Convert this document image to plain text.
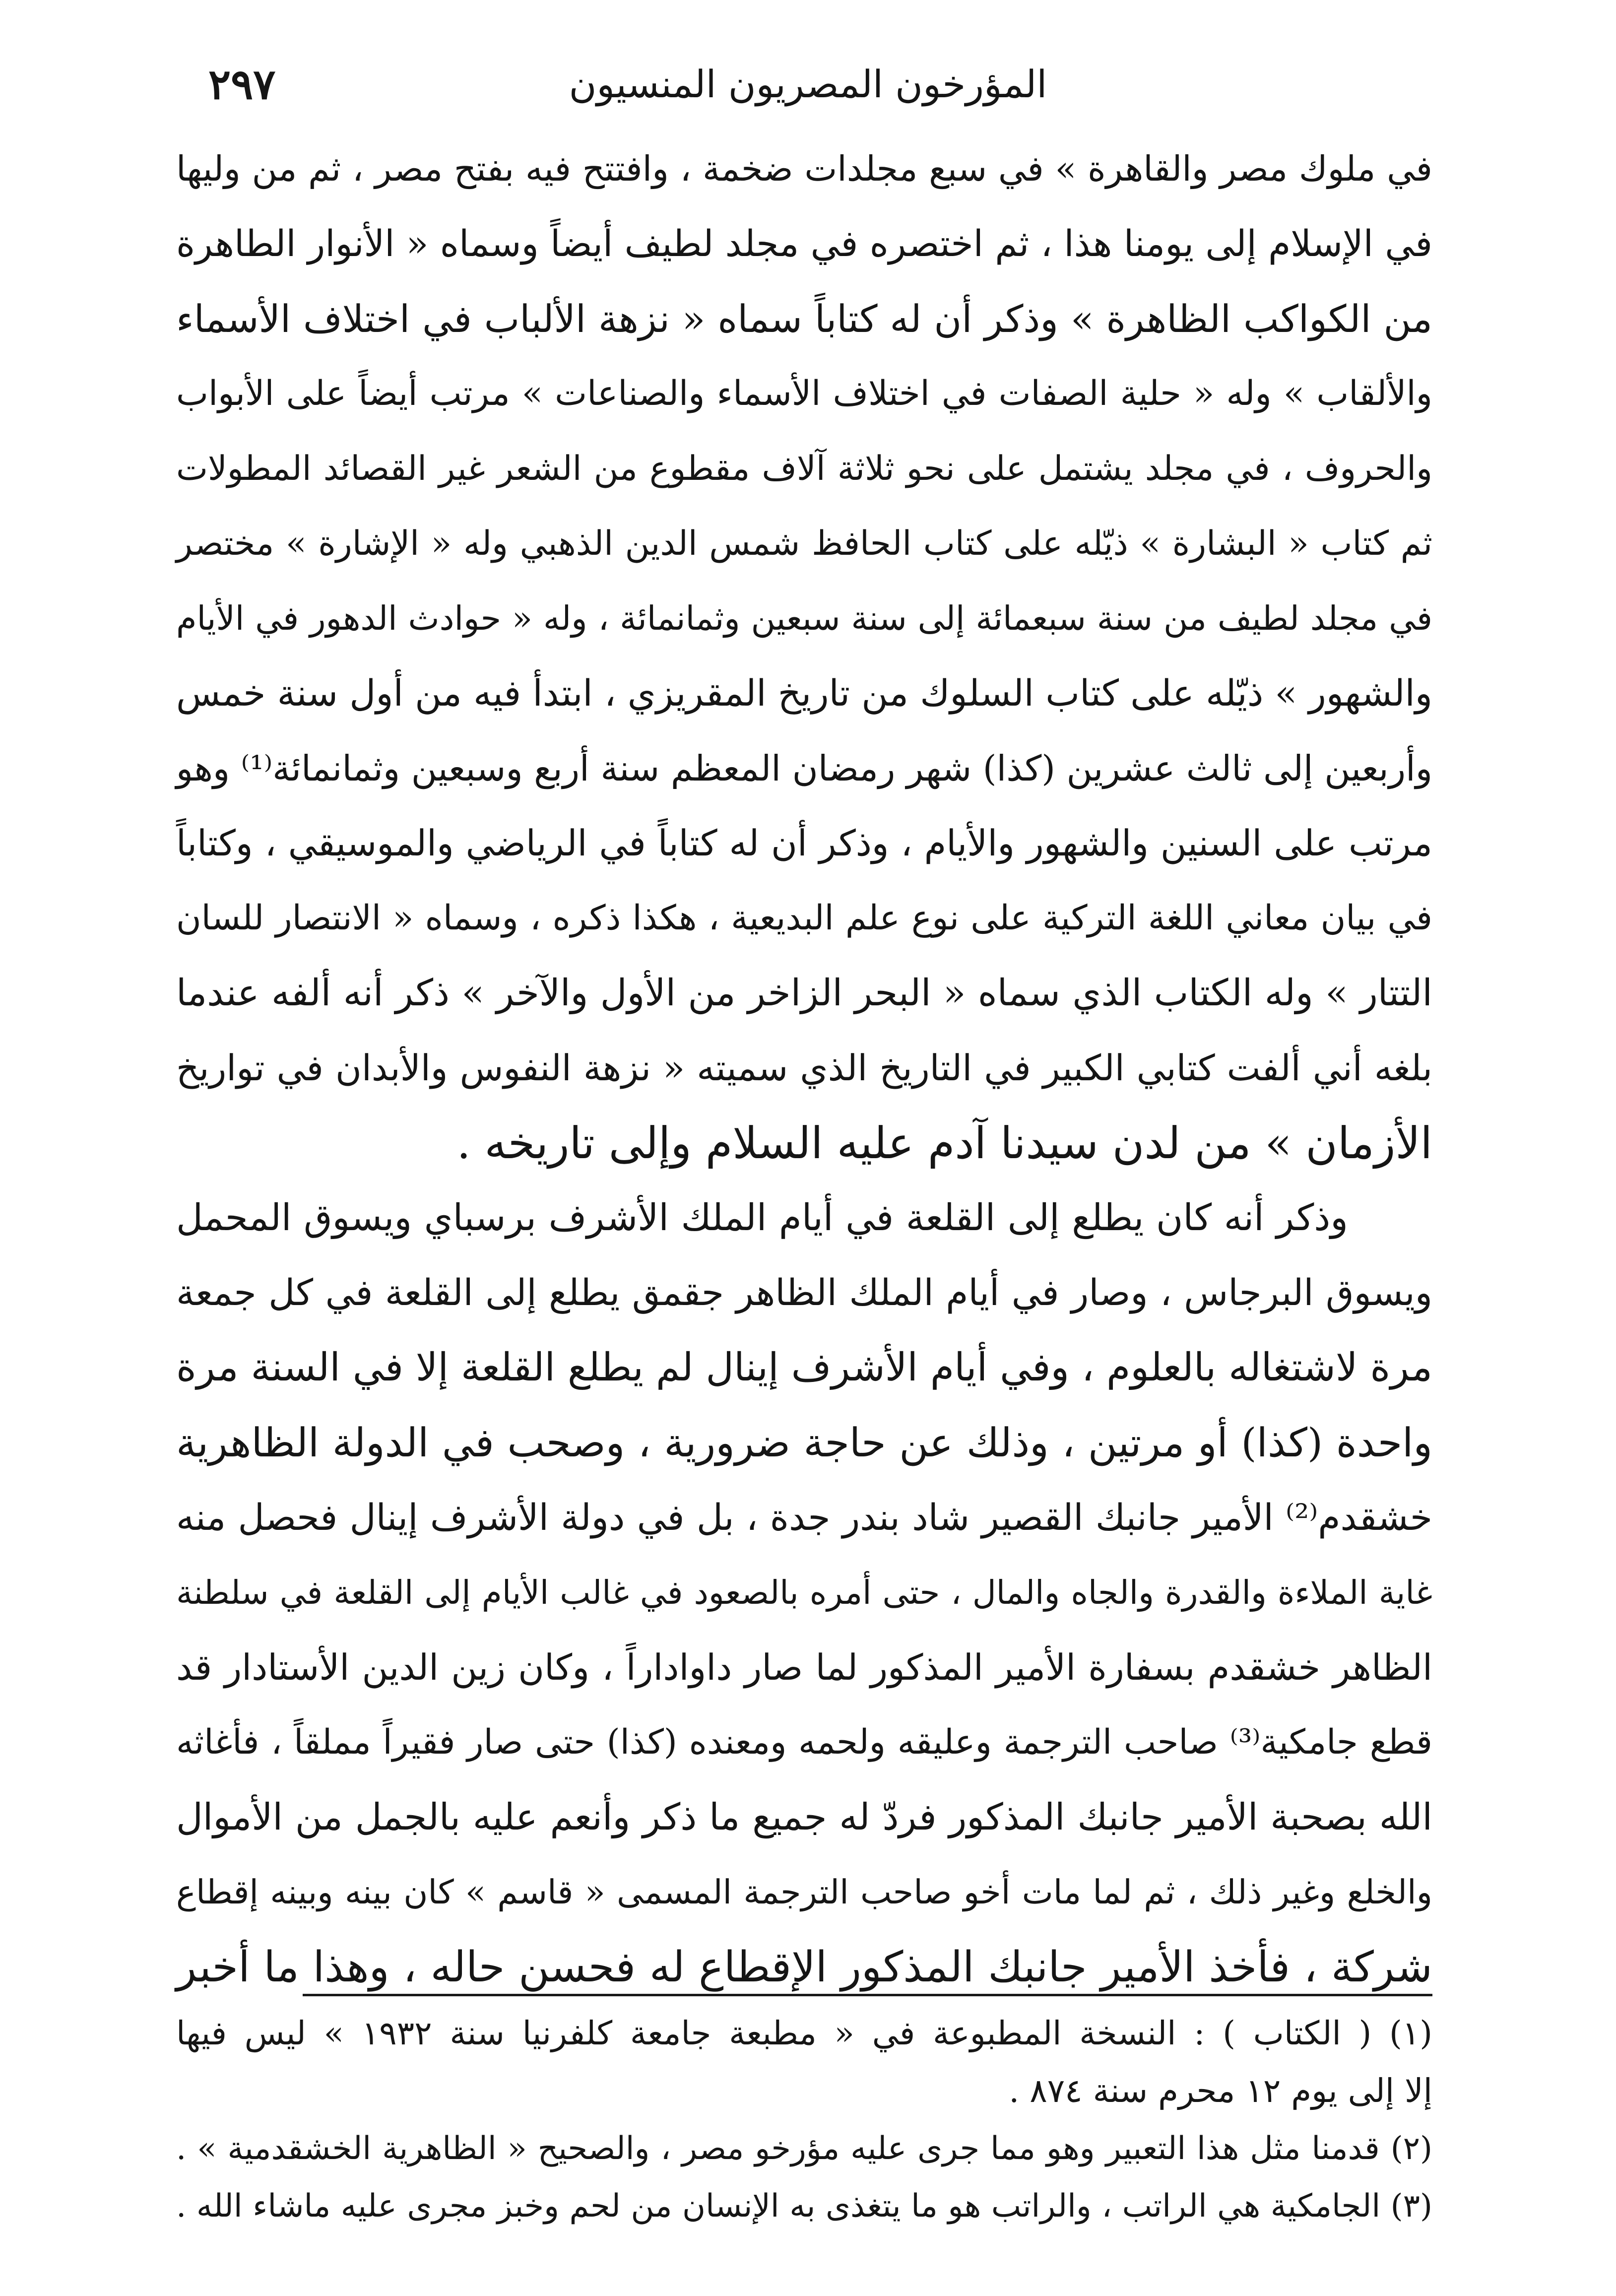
المؤرخون المصريون المنسيون
٢٩٧
في ملوك مصر والقاهرة » في سبع مجلدات ضخمة ، وافتتح فيه بفتح مصر ، ثم من وليها
في الإسلام إلى يومنا هذا ، ثم اختصره في مجلد لطيف أيضاً وسماه « الأنوار الطاهرة
من الكواكب الظاهرة » وذكر أن له كتاباً سماه « نزهة الألباب في اختلاف الأسماء
والألقاب » وله « حلية الصفات في اختلاف الأسماء والصناعات » مرتب أيضاً على الأبواب
والحروف ، في مجلد يشتمل على نحو ثلاثة آلاف مقطوع من الشعر غير القصائد المطولات
ثم كتاب « البشارة » ذيّله على كتاب الحافظ شمس الدين الذهبي وله « الإشارة » مختصر
في مجلد لطيف من سنة سبعمائة إلى سنة سبعين وثمانمائة ، وله « حوادث الدهور في الأيام
والشهور » ذيّله على كتاب السلوك من تاريخ المقريزي ، ابتدأ فيه من أول سنة خمس
وأربعين إلى ثالث عشرين (كذا) شهر رمضان المعظم سنة أربع وسبعين وثمانمائة⁽¹⁾ وهو
مرتب على السنين والشهور والأيام ، وذكر أن له كتاباً في الرياضي والموسيقي ، وكتاباً
في بيان معاني اللغة التركية على نوع علم البديعية ، هكذا ذكره ، وسماه « الانتصار للسان
التتار » وله الكتاب الذي سماه « البحر الزاخر من الأول والآخر » ذكر أنه ألفه عندما
بلغه أني ألفت كتابي الكبير في التاريخ الذي سميته « نزهة النفوس والأبدان في تواريخ
الأزمان » من لدن سيدنا آدم عليه السلام وإلى تاريخه .
وذكر أنه كان يطلع إلى القلعة في أيام الملك الأشرف برسباي ويسوق المحمل
ويسوق البرجاس ، وصار في أيام الملك الظاهر جقمق يطلع إلى القلعة في كل جمعة
مرة لاشتغاله بالعلوم ، وفي أيام الأشرف إينال لم يطلع القلعة إلا في السنة مرة
واحدة (كذا) أو مرتين ، وذلك عن حاجة ضرورية ، وصحب في الدولة الظاهرية
خشقدم⁽²⁾ الأمير جانبك القصير شاد بندر جدة ، بل في دولة الأشرف إينال فحصل منه
غاية الملاءة والقدرة والجاه والمال ، حتى أمره بالصعود في غالب الأيام إلى القلعة في سلطنة
الظاهر خشقدم بسفارة الأمير المذكور لما صار داواداراً ، وكان زين الدين الأستادار قد
قطع جامكية⁽³⁾ صاحب الترجمة وعليقه ولحمه ومعنده (كذا) حتى صار فقيراً مملقاً ، فأغاثه
الله بصحبة الأمير جانبك المذكور فردّ له جميع ما ذكر وأنعم عليه بالجمل من الأموال
والخلع وغير ذلك ، ثم لما مات أخو صاحب الترجمة المسمى « قاسم » كان بينه وبينه إقطاع
شركة ، فأخذ الأمير جانبك المذكور الإقطاع له فحسن حاله ، وهذا ما أخبر
(١) ( الكتاب ) : النسخة المطبوعة في « مطبعة جامعة كلفرنيا سنة ١٩٣٢ » ليس فيها
إلا إلى يوم ١٢ محرم سنة ٨٧٤ .
(٢) قدمنا مثل هذا التعبير وهو مما جرى عليه مؤرخو مصر ، والصحيح « الظاهرية الخشقدمية » .
(٣) الجامكية هي الراتب ، والراتب هو ما يتغذى به الإنسان من لحم وخبز مجرى عليه ماشاء الله .
